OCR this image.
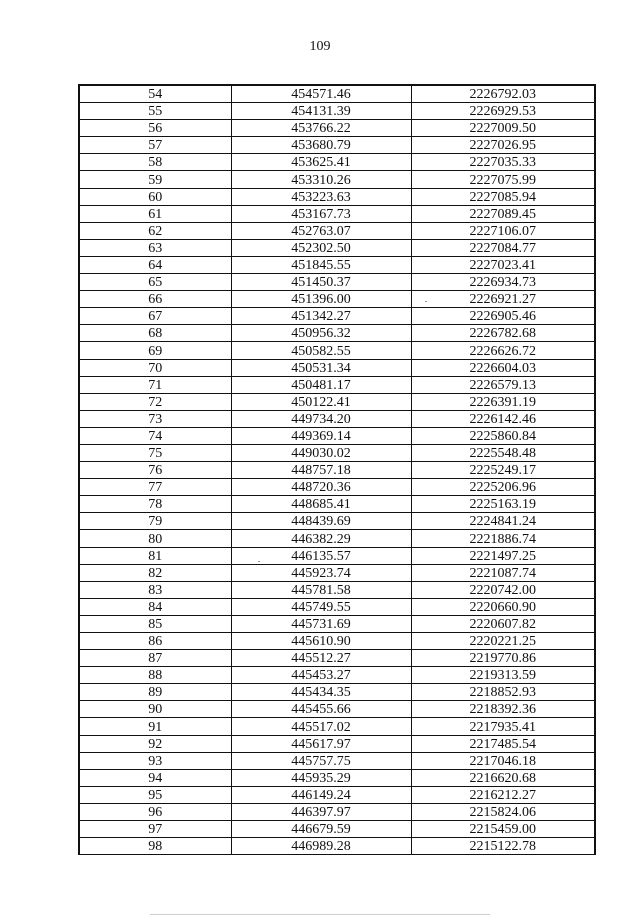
109
54	454571.46	2226792.03
55	454131.39	2226929.53
56	453766.22	2227009.50
57	453680.79	2227026.95
58	453625.41	2227035.33
59	453310.26	2227075.99
60	453223.63	2227085.94
61	453167.73	2227089.45
62	452763.07	2227106.07
63	452302.50	2227084.77
64	451845.55	2227023.41
65	451450.37	2226934.73
66	451396.00	2226921.27
67	451342.27	2226905.46
68	450956.32	2226782.68
69	450582.55	2226626.72
70	450531.34	2226604.03
71	450481.17	2226579.13
72	450122.41	2226391.19
73	449734.20	2226142.46
74	449369.14	2225860.84
75	449030.02	2225548.48
76	448757.18	2225249.17
77	448720.36	2225206.96
78	448685.41	2225163.19
79	448439.69	2224841.24
80	446382.29	2221886.74
81	446135.57	2221497.25
82	445923.74	2221087.74
83	445781.58	2220742.00
84	445749.55	2220660.90
85	445731.69	2220607.82
86	445610.90	2220221.25
87	445512.27	2219770.86
88	445453.27	2219313.59
89	445434.35	2218852.93
90	445455.66	2218392.36
91	445517.02	2217935.41
92	445617.97	2217485.54
93	445757.75	2217046.18
94	445935.29	2216620.68
95	446149.24	2216212.27
96	446397.97	2215824.06
97	446679.59	2215459.00
98	446989.28	2215122.78
